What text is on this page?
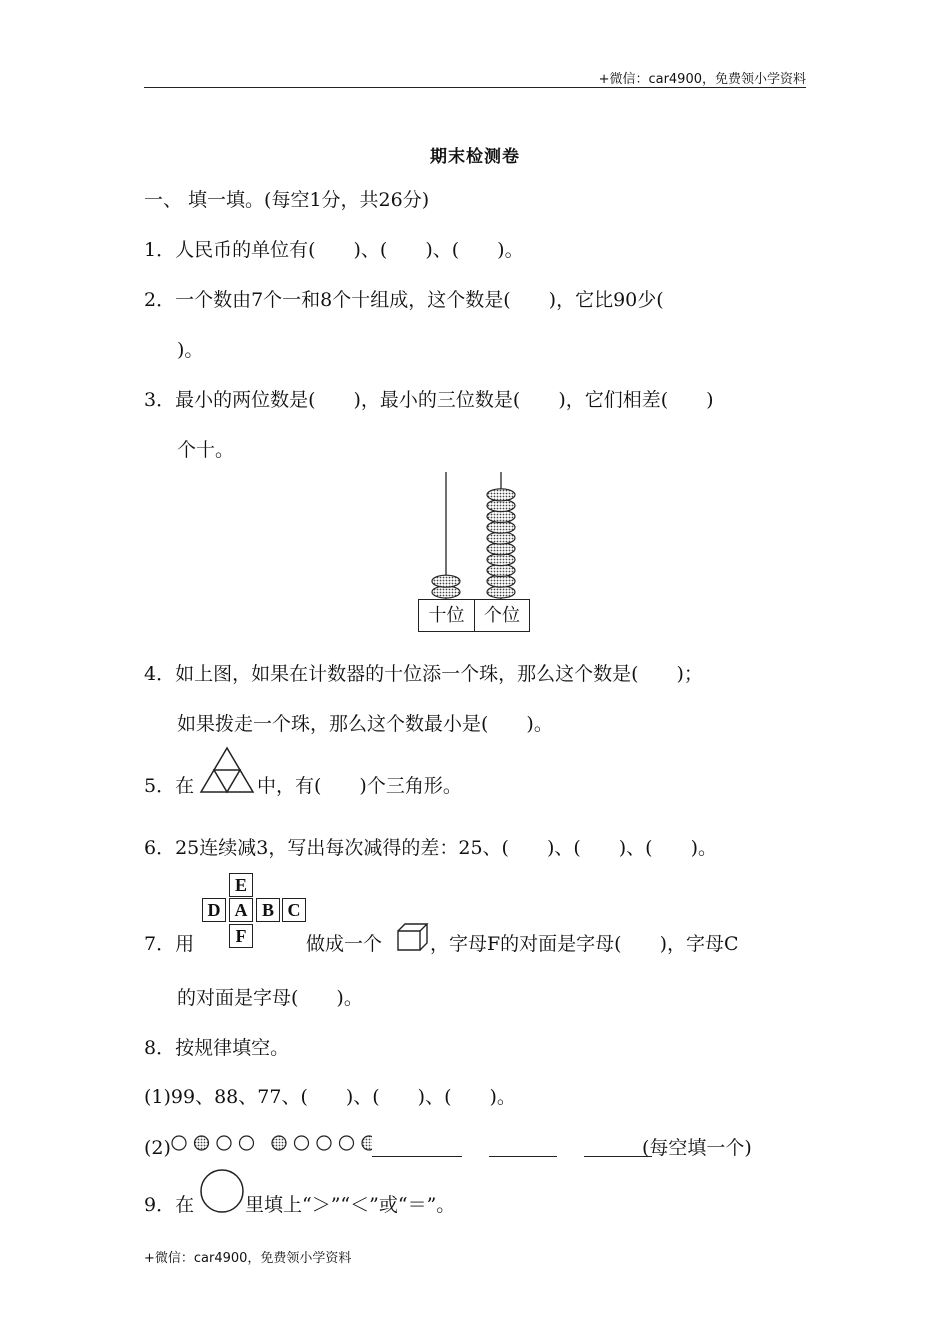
+微信：car4900，免费领小学资料
期末检测卷
一、 填一填。(每空1分，共26分)
1．人民币的单位有(　　)、(　　)、(　　)。
2．一个数由7个一和8个十组成，这个数是(　　)，它比90少(
)。
3．最小的两位数是(　　)，最小的三位数是(　　)，它们相差(　　)
个十。
十位	个位
4．如上图，如果在计数器的十位添一个珠，那么这个数是(　　)；
如果拨走一个珠，那么这个数最小是(　　)。
5．在	中，有(　　)个三角形。
6．25连续减3，写出每次减得的差：25、(　　)、(　　)、(　　)。
E
D A B C
F
7．用	做成一个	，字母F的对面是字母(　　)，字母C
的对面是字母(　　)。
8．按规律填空。
(1)99、88、77、(　　)、(　　)、(　　)。
(2)
	(每空填一个)
9．在	里填上“＞”“＜”或“＝”。
+微信：car4900，免费领小学资料
